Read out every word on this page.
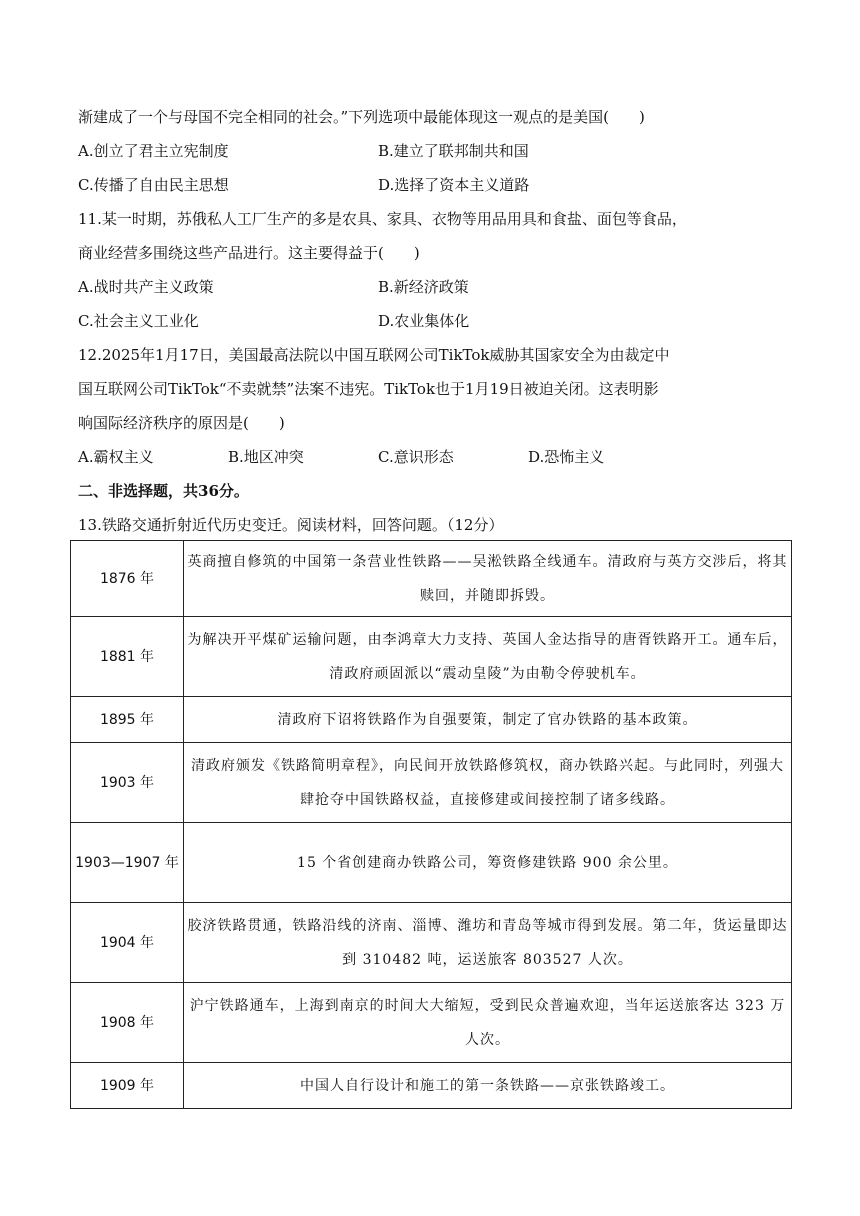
渐建成了一个与母国不完全相同的社会。”下列选项中最能体现这一观点的是美国(　　)
A.创立了君主立宪制度	B.建立了联邦制共和国
C.传播了自由民主思想	D.选择了资本主义道路
11.某一时期，苏俄私人工厂生产的多是农具、家具、衣物等用品用具和食盐、面包等食品，
商业经营多围绕这些产品进行。这主要得益于(　　)
A.战时共产主义政策	B.新经济政策
C.社会主义工业化	D.农业集体化
12.2025年1月17日，美国最高法院以中国互联网公司TikTok威胁其国家安全为由裁定中
国互联网公司TikTok“不卖就禁”法案不违宪。TikTok也于1月19日被迫关闭。这表明影
响国际经济秩序的原因是(　　)
A.霸权主义	B.地区冲突	C.意识形态	D.恐怖主义
二、非选择题，共36分。
13.铁路交通折射近代历史变迁。阅读材料，回答问题。（12分）
1876 年	英商擅自修筑的中国第一条营业性铁路——吴淞铁路全线通车。清政府与英方交涉后，将其赎回，并随即拆毁。
1881 年	为解决开平煤矿运输问题，由李鸿章大力支持、英国人金达指导的唐胥铁路开工。通车后，清政府顽固派以“震动皇陵”为由勒令停驶机车。
1895 年	清政府下诏将铁路作为自强要策，制定了官办铁路的基本政策。
1903 年	清政府颁发《铁路简明章程》，向民间开放铁路修筑权，商办铁路兴起。与此同时，列强大肆抢夺中国铁路权益，直接修建或间接控制了诸多线路。
1903—1907 年	15 个省创建商办铁路公司，筹资修建铁路 900 余公里。
1904 年	胶济铁路贯通，铁路沿线的济南、淄博、潍坊和青岛等城市得到发展。第二年，货运量即达到 310482 吨，运送旅客 803527 人次。
1908 年	沪宁铁路通车，上海到南京的时间大大缩短，受到民众普遍欢迎，当年运送旅客达 323 万人次。
1909 年	中国人自行设计和施工的第一条铁路——京张铁路竣工。
